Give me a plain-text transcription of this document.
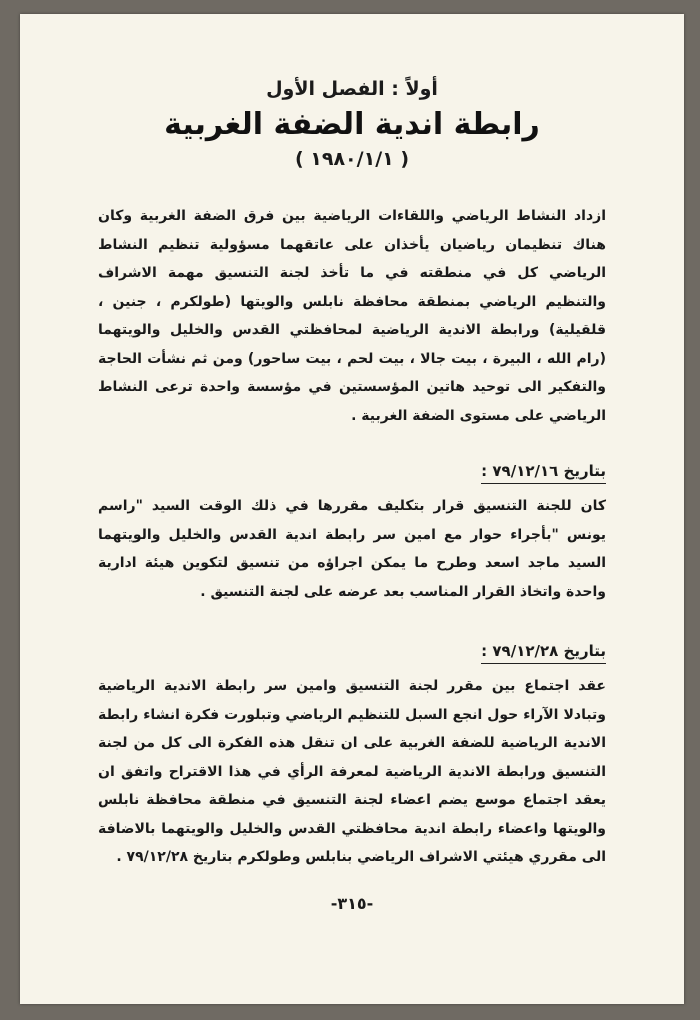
أولاً : الفصل الأول
رابطة اندية الضفة الغربية
( ١٩٨٠/١/١ )

ازداد النشاط الرياضي واللقاءات الرياضية بين فرق الضفة الغربية وكان هناك تنظيمان رياضيان يأخذان على عاتقهما مسؤولية تنظيم النشاط الرياضي كل في منطقته في ما تأخذ لجنة التنسيق مهمة الاشراف والتنظيم الرياضي بمنطقة محافظة نابلس والويتها (طولكرم ، جنين ، قلقيلية) ورابطة الاندية الرياضية لمحافظتي القدس والخليل والويتهما (رام الله ، البيرة ، بيت جالا ، بيت لحم ، بيت ساحور) ومن ثم نشأت الحاجة والتفكير الى توحيد هاتين المؤسستين في مؤسسة واحدة ترعى النشاط الرياضي على مستوى الضفة الغربية .

بتاريخ ٧٩/١٢/١٦ :

كان للجنة التنسيق قرار بتكليف مقررها في ذلك الوقت السيد "راسم يونس "بأجراء حوار مع امين سر رابطة اندية القدس والخليل والويتهما السيد ماجد اسعد وطرح ما يمكن اجراؤه من تنسيق لتكوين هيئة ادارية واحدة واتخاذ القرار المناسب بعد عرضه على لجنة التنسيق .

بتاريخ ٧٩/١٢/٢٨ :

عقد اجتماع بين مقرر لجنة التنسيق وامين سر رابطة الاندية الرياضية وتبادلا الآراء حول انجع السبل للتنظيم الرياضي وتبلورت فكرة انشاء رابطة الاندية الرياضية للضفة الغربية على ان تنقل هذه الفكرة الى كل من لجنة التنسيق ورابطة الاندية الرياضية لمعرفة الرأي في هذا الاقتراح واتفق ان يعقد اجتماع موسع يضم اعضاء لجنة التنسيق في منطقة محافظة نابلس والويتها واعضاء رابطة اندية محافظتي القدس والخليل والويتهما بالاضافة الى مقرري هيئتي الاشراف الرياضي بنابلس وطولكرم بتاريخ ٧٩/١٢/٢٨ .

-٣١٥-
